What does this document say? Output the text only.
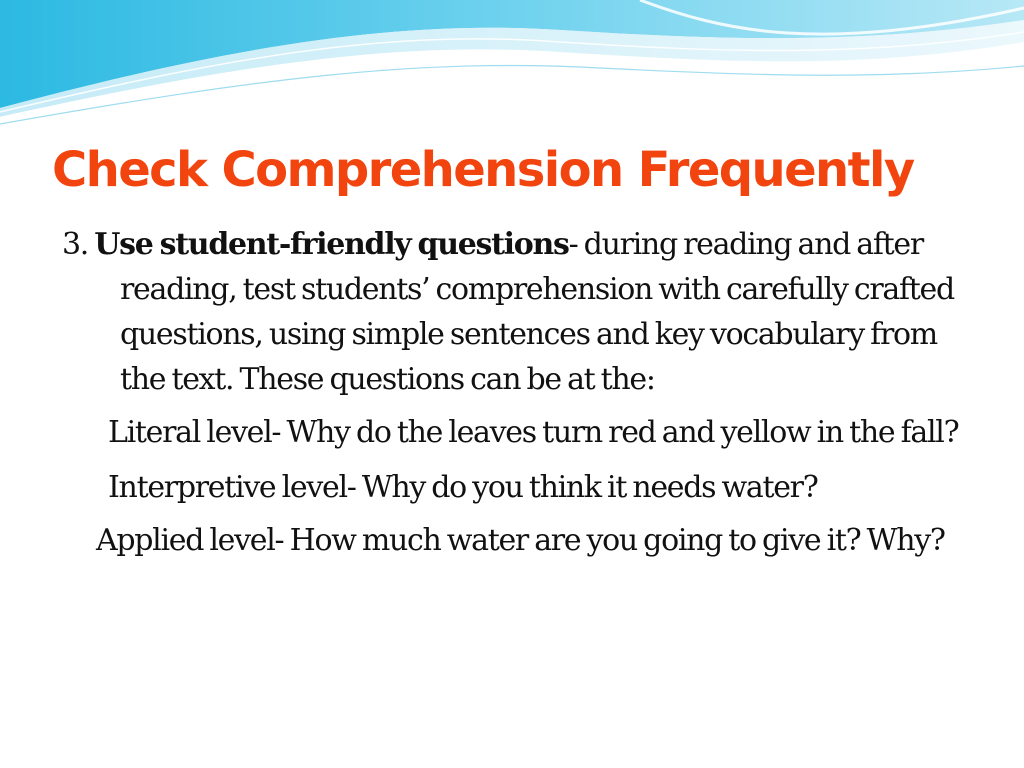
Check Comprehension Frequently

3. Use student-friendly questions- during reading and after reading, test students’ comprehension with carefully crafted questions, using simple sentences and key vocabulary from the text. These questions can be at the:

Literal level- Why do the leaves turn red and yellow in the fall?

Interpretive level- Why do you think it needs water?

Applied level- How much water are you going to give it? Why?
